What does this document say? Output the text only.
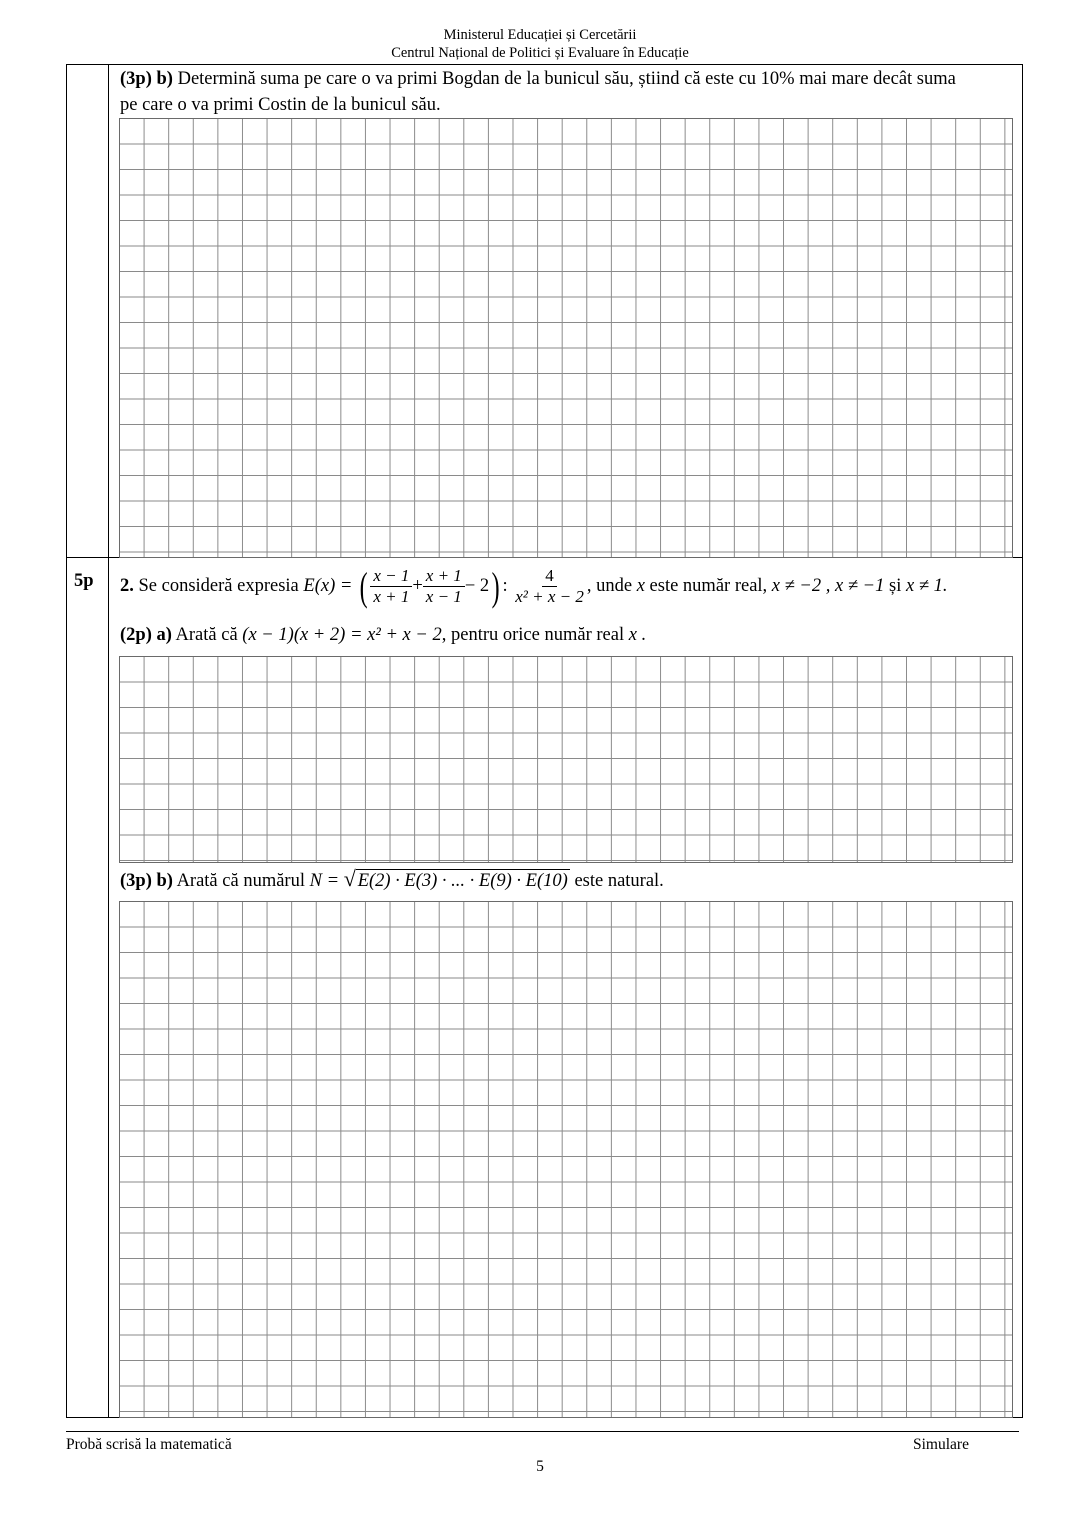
Ministerul Educației și Cercetării
Centrul Național de Politici și Evaluare în Educație
(3p) b) Determină suma pe care o va primi Bogdan de la bunicul său, știind că este cu 10% mai mare decât suma
pe care o va primi Costin de la bunicul său.
5p 2. Se consideră expresia E(x) = ( $\frac{x - 1}{x + 1} + \frac{x + 1}{x - 1} - 2$) : $\frac{4}{\text{x² + x − 2}}$ , unde x este număr real, x ≠ −2 , x ≠ −1 și x ≠ 1.
(2p) a) Arată că (x − 1)(x + 2) = x² + x − 2, pentru orice număr real x .
(3p) b) Arată că numărul N = √ E(2) · E(3) · ... · E(9) · E(10) este natural.
Probă scrisă la matematică	Simulare
5
